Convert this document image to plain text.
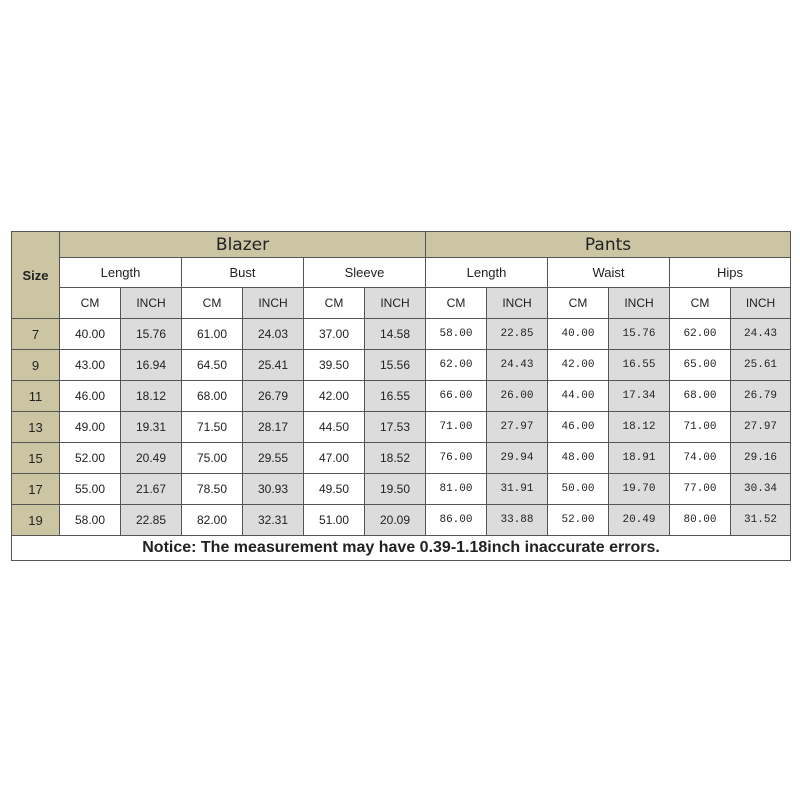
Size	Blazer						Pants					
	Length		Bust		Sleeve		Length		Waist		Hips	
	CM	INCH	CM	INCH	CM	INCH	CM	INCH	CM	INCH	CM	INCH
7	40.00	15.76	61.00	24.03	37.00	14.58	58.00	22.85	40.00	15.76	62.00	24.43
9	43.00	16.94	64.50	25.41	39.50	15.56	62.00	24.43	42.00	16.55	65.00	25.61
11	46.00	18.12	68.00	26.79	42.00	16.55	66.00	26.00	44.00	17.34	68.00	26.79
13	49.00	19.31	71.50	28.17	44.50	17.53	71.00	27.97	46.00	18.12	71.00	27.97
15	52.00	20.49	75.00	29.55	47.00	18.52	76.00	29.94	48.00	18.91	74.00	29.16
17	55.00	21.67	78.50	30.93	49.50	19.50	81.00	31.91	50.00	19.70	77.00	30.34
19	58.00	22.85	82.00	32.31	51.00	20.09	86.00	33.88	52.00	20.49	80.00	31.52
Notice: The measurement may have 0.39-1.18inch inaccurate errors.												
